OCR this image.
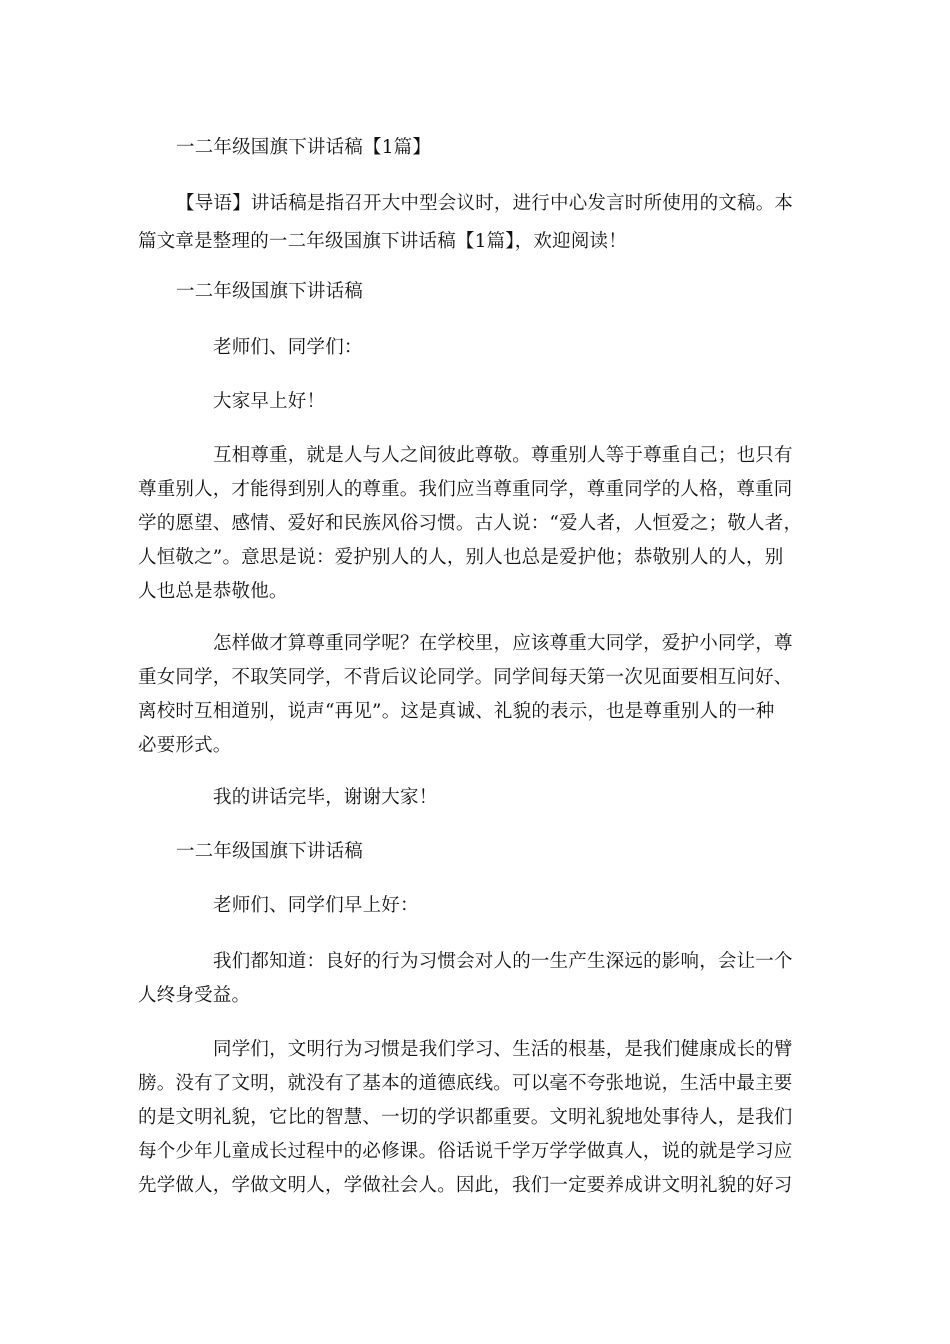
一二年级国旗下讲话稿【1篇】
【导语】讲话稿是指召开大中型会议时，进行中心发言时所使用的文稿。本
篇文章是整理的一二年级国旗下讲话稿【1篇】，欢迎阅读！
一二年级国旗下讲话稿
老师们、同学们：
大家早上好！
互相尊重，就是人与人之间彼此尊敬。尊重别人等于尊重自己；也只有
尊重别人，才能得到别人的尊重。我们应当尊重同学，尊重同学的人格，尊重同
学的愿望、感情、爱好和民族风俗习惯。古人说：“爱人者，人恒爱之；敬人者，
人恒敬之”。意思是说：爱护别人的人，别人也总是爱护他；恭敬别人的人，别
人也总是恭敬他。
怎样做才算尊重同学呢？在学校里，应该尊重大同学，爱护小同学，尊
重女同学，不取笑同学，不背后议论同学。同学间每天第一次见面要相互问好、
离校时互相道别，说声“再见”。这是真诚、礼貌的表示，也是尊重别人的一种
必要形式。
我的讲话完毕，谢谢大家！
一二年级国旗下讲话稿
老师们、同学们早上好：
我们都知道：良好的行为习惯会对人的一生产生深远的影响，会让一个
人终身受益。
同学们，文明行为习惯是我们学习、生活的根基，是我们健康成长的臂
膀。没有了文明，就没有了基本的道德底线。可以毫不夸张地说，生活中最主要
的是文明礼貌，它比的智慧、一切的学识都重要。文明礼貌地处事待人，是我们
每个少年儿童成长过程中的必修课。俗话说千学万学学做真人，说的就是学习应
先学做人，学做文明人，学做社会人。因此，我们一定要养成讲文明礼貌的好习
